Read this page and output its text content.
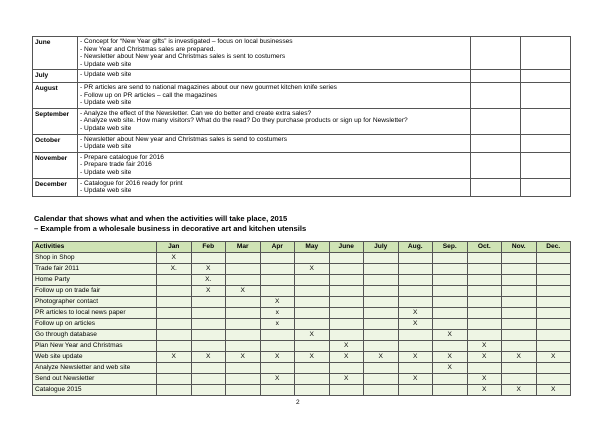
June	- Concept for “New Year gifts” is investigated – focus on local businesses
- New Year and Christmas sales are prepared.
- Newsletter about New year and Christmas sales is sent to costumers
- Update web site		

July	- Update web site		

August	- PR articles are send to national magazines about our new gourmet kitchen knife series
- Follow up on PR articles – call the magazines
- Update web site		

September	- Analyze the effect of the Newsletter. Can we do better and create extra sales?
- Analyze web site. How many visitors? What do the read? Do they purchase products or sign up for Newsletter?
- Update web site		

October	- Newsletter about New year and Christmas sales is send to costumers
- Update web site		

November	- Prepare catalogue for 2016
- Prepare trade fair 2016
- Update web site		

December	- Catalogue for 2016 ready for print
- Update web site		

Calendar that shows what and when the activities will take place, 2015
– Example from a wholesale business in decorative art and kitchen utensils
Activities	Jan	Feb	Mar	Apr	May	June	July	Aug.	Sep.	Oct.	Nov.	Dec.
Shop in Shop	X											
Trade fair 2011	X.	X			X							
Home Party		X.										
Follow up on trade fair		X	X									
Photographer contact				X								
PR articles to local news paper				x				X				
Follow up on articles				x				X				
Go through database					X				X			
Plan New Year and Christmas						X				X		
Web site update	X	X	X	X	X	X	X	X	X	X	X	X
Analyze Newsletter and web site									X			
Send out Newsletter				X		X		X		X		
Catalogue 2015										X	X	X
2
